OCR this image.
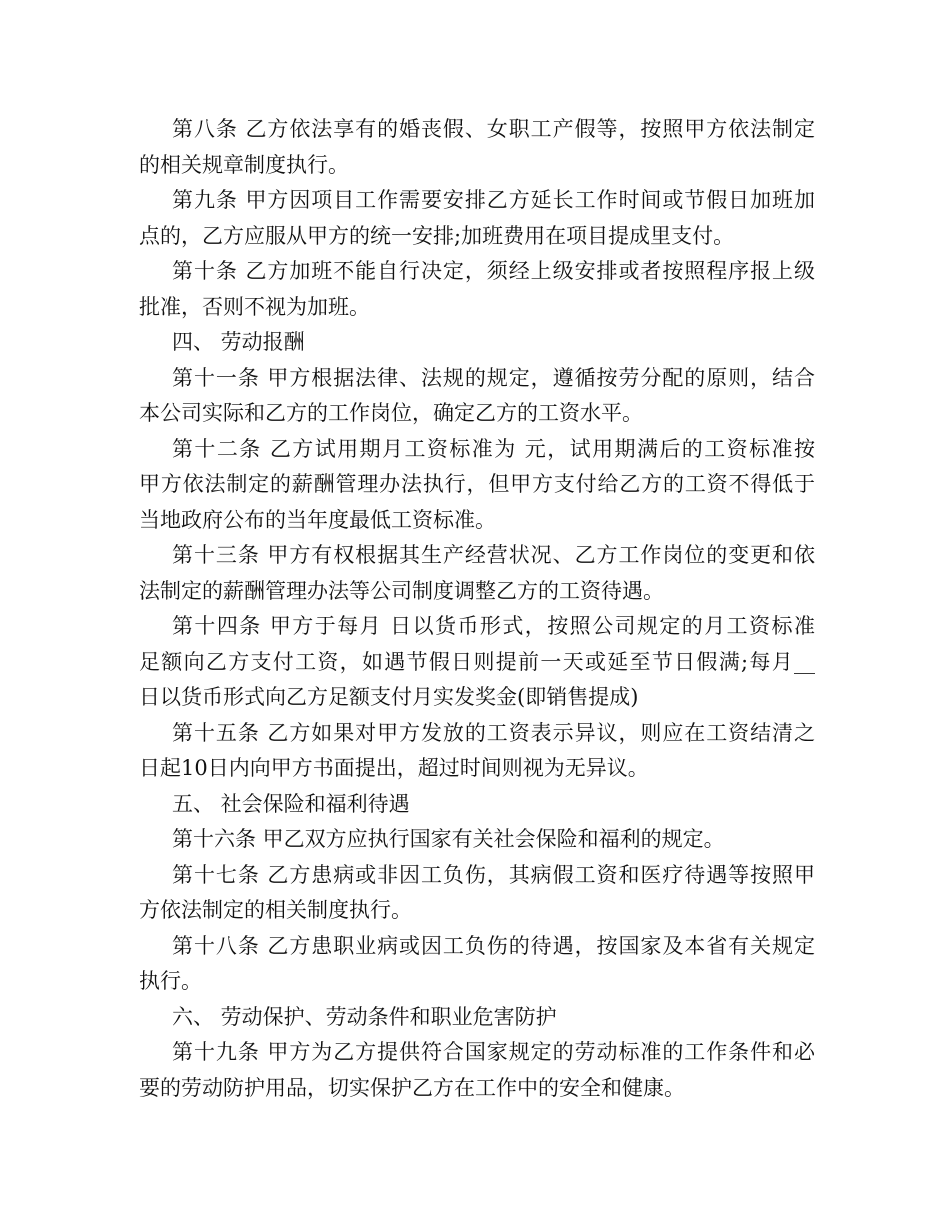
第八条 乙方依法享有的婚丧假、女职工产假等，按照甲方依法制定
的相关规章制度执行。
第九条 甲方因项目工作需要安排乙方延长工作时间或节假日加班加
点的，乙方应服从甲方的统一安排;加班费用在项目提成里支付。
第十条 乙方加班不能自行决定，须经上级安排或者按照程序报上级
批准，否则不视为加班。
四、 劳动报酬
第十一条 甲方根据法律、法规的规定，遵循按劳分配的原则，结合
本公司实际和乙方的工作岗位，确定乙方的工资水平。
第十二条 乙方试用期月工资标准为 元，试用期满后的工资标准按
甲方依法制定的薪酬管理办法执行，但甲方支付给乙方的工资不得低于
当地政府公布的当年度最低工资标准。
第十三条 甲方有权根据其生产经营状况、乙方工作岗位的变更和依
法制定的薪酬管理办法等公司制度调整乙方的工资待遇。
第十四条 甲方于每月 日以货币形式，按照公司规定的月工资标准
足额向乙方支付工资，如遇节假日则提前一天或延至节日假满;每月__
日以货币形式向乙方足额支付月实发奖金(即销售提成)
第十五条 乙方如果对甲方发放的工资表示异议，则应在工资结清之
日起10日内向甲方书面提出，超过时间则视为无异议。
五、 社会保险和福利待遇
第十六条 甲乙双方应执行国家有关社会保险和福利的规定。
第十七条 乙方患病或非因工负伤，其病假工资和医疗待遇等按照甲
方依法制定的相关制度执行。
第十八条 乙方患职业病或因工负伤的待遇，按国家及本省有关规定
执行。
六、 劳动保护、劳动条件和职业危害防护
第十九条 甲方为乙方提供符合国家规定的劳动标准的工作条件和必
要的劳动防护用品，切实保护乙方在工作中的安全和健康。
